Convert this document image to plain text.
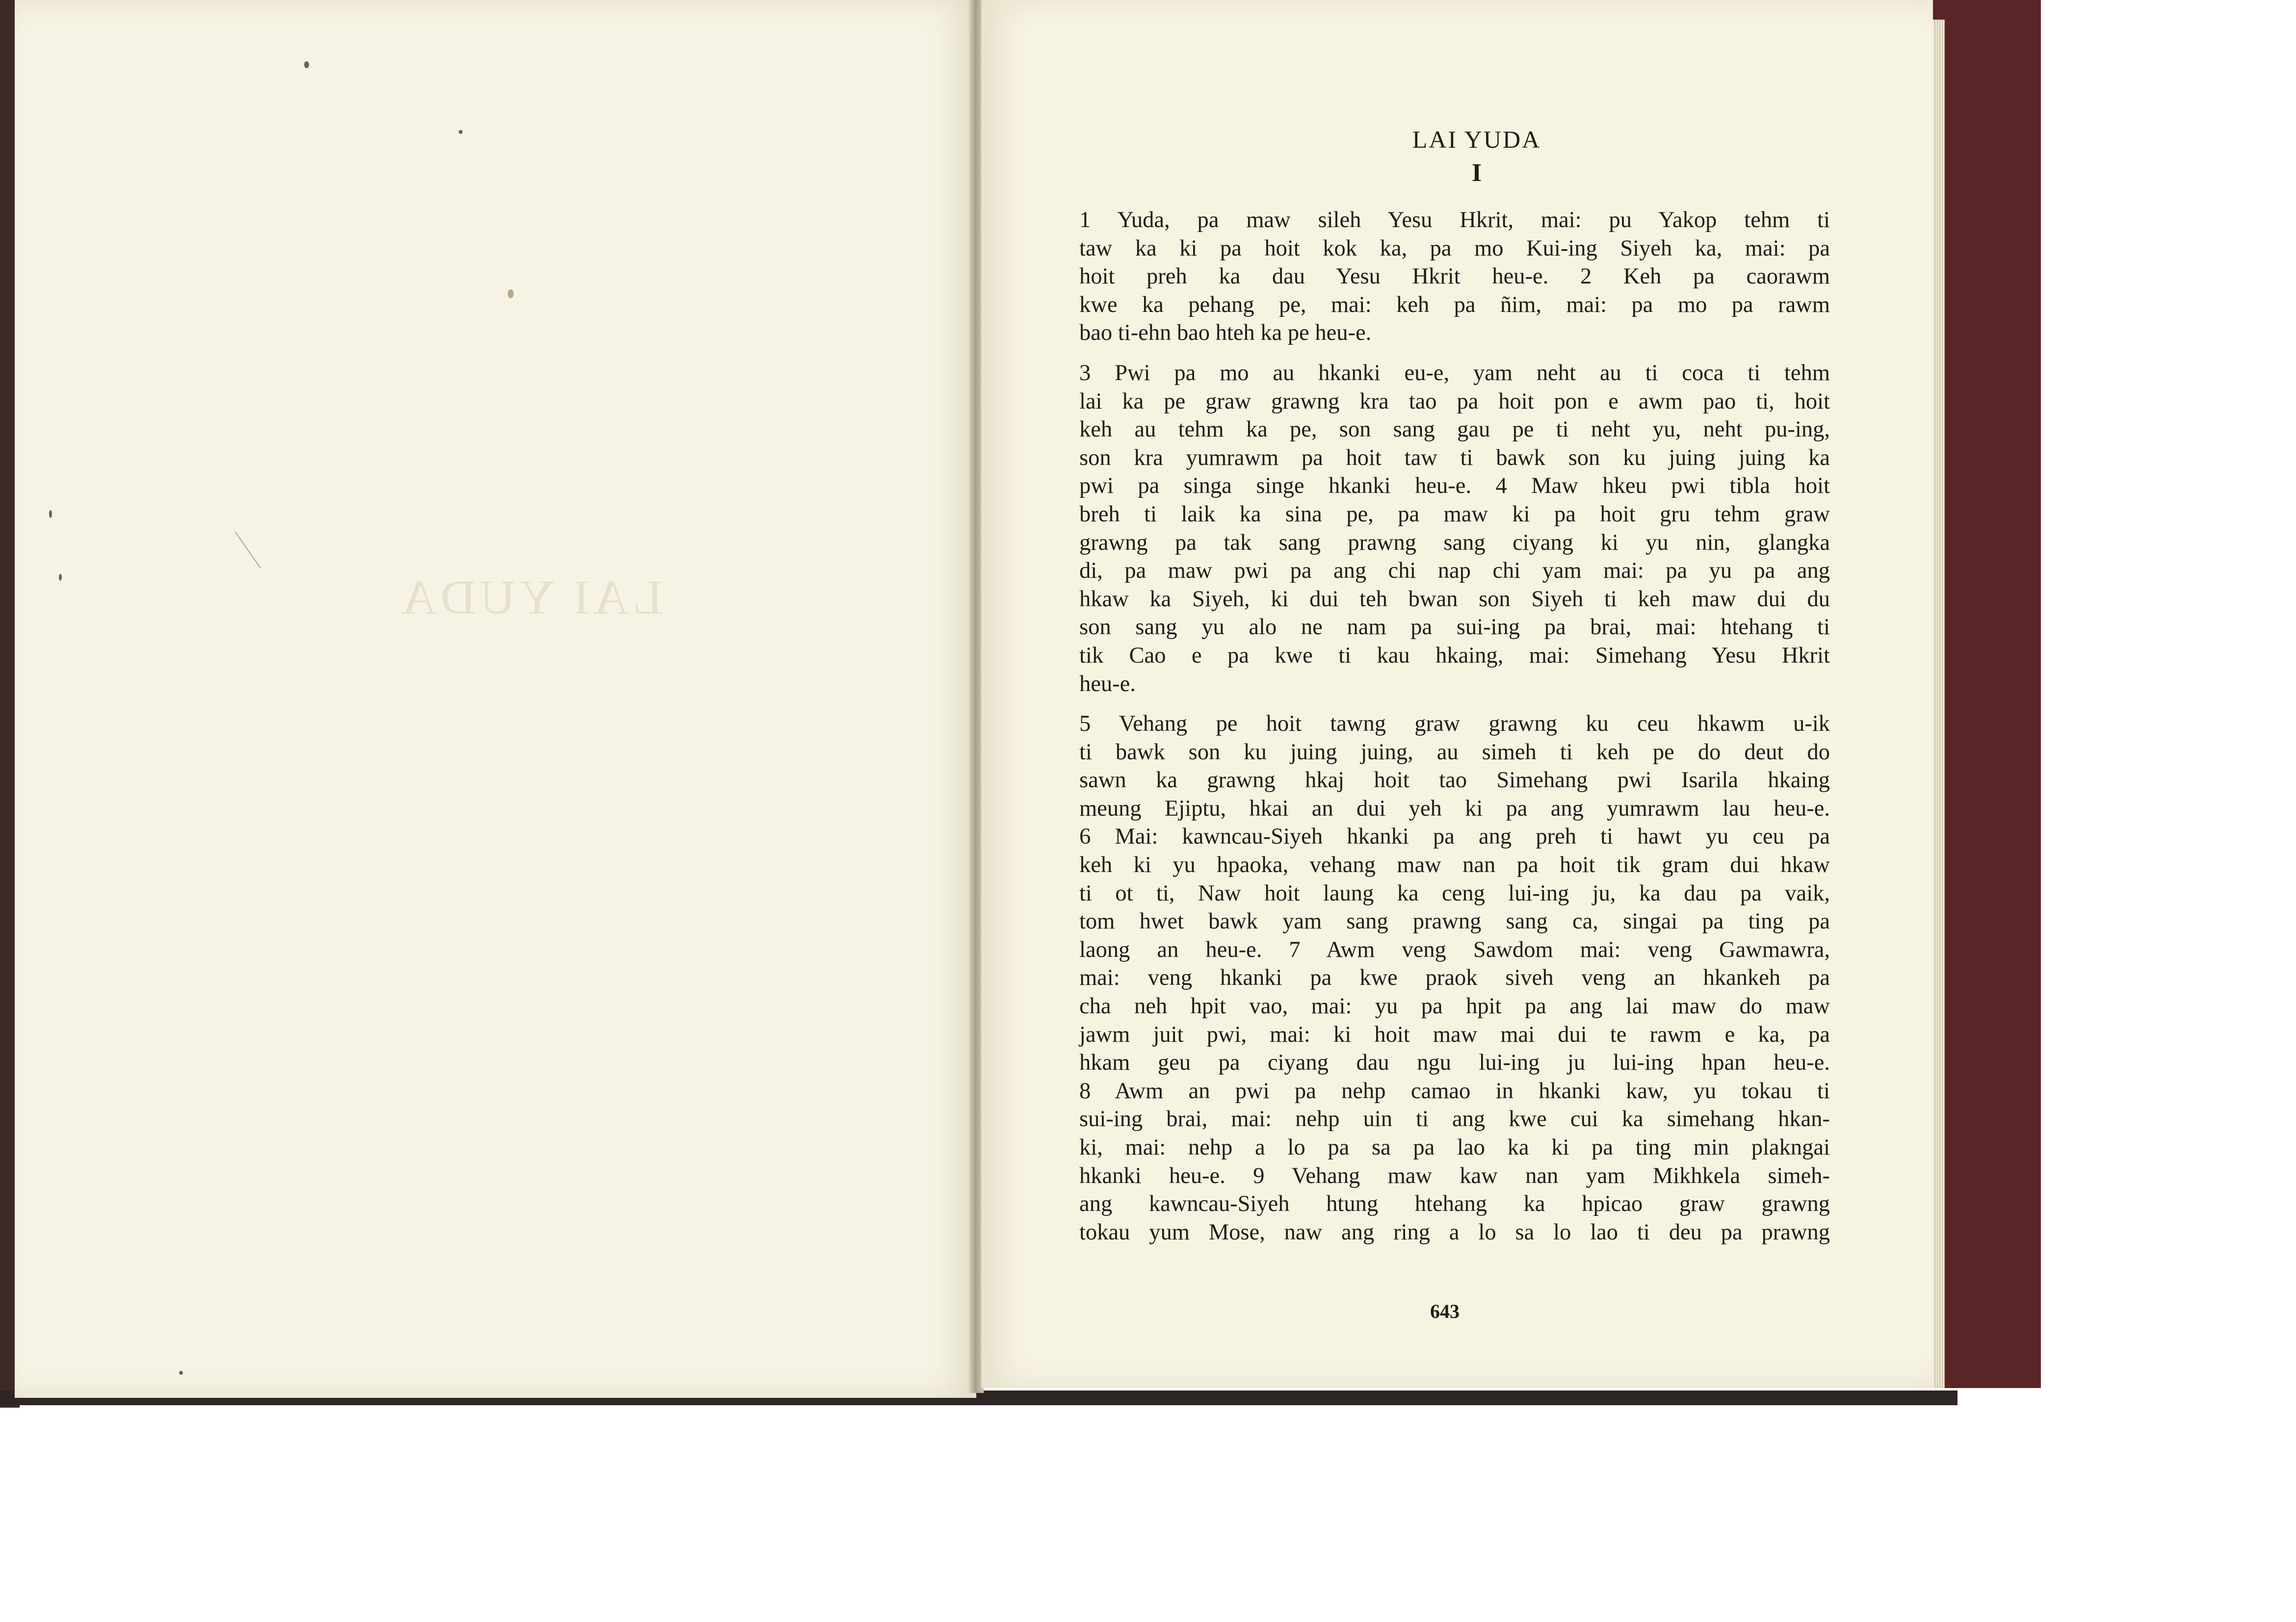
LAI YUDA
LAI YUDA
I
1 Yuda, pa maw sileh Yesu Hkrit, mai: pu Yakop tehm ti
taw ka ki pa hoit kok ka, pa mo Kui-ing Siyeh ka, mai: pa
hoit preh ka dau Yesu Hkrit heu-e. 2 Keh pa caorawm
kwe ka pehang pe, mai: keh pa ñim, mai: pa mo pa rawm
bao ti-ehn bao hteh ka pe heu-e.
3 Pwi pa mo au hkanki eu-e, yam neht au ti coca ti tehm
lai ka pe graw grawng kra tao pa hoit pon e awm pao ti, hoit
keh au tehm ka pe, son sang gau pe ti neht yu, neht pu-ing,
son kra yumrawm pa hoit taw ti bawk son ku juing juing ka
pwi pa singa singe hkanki heu-e. 4 Maw hkeu pwi tibla hoit
breh ti laik ka sina pe, pa maw ki pa hoit gru tehm graw
grawng pa tak sang prawng sang ciyang ki yu nin, glangka
di, pa maw pwi pa ang chi nap chi yam mai: pa yu pa ang
hkaw ka Siyeh, ki dui teh bwan son Siyeh ti keh maw dui du
son sang yu alo ne nam pa sui-ing pa brai, mai: htehang ti
tik Cao e pa kwe ti kau hkaing, mai: Simehang Yesu Hkrit
heu-e.
5 Vehang pe hoit tawng graw grawng ku ceu hkawm u-ik
ti bawk son ku juing juing, au simeh ti keh pe do deut do
sawn ka grawng hkaj hoit tao Simehang pwi Isarila hkaing
meung Ejiptu, hkai an dui yeh ki pa ang yumrawm lau heu-e.
6 Mai: kawncau-Siyeh hkanki pa ang preh ti hawt yu ceu pa
keh ki yu hpaoka, vehang maw nan pa hoit tik gram dui hkaw
ti ot ti, Naw hoit laung ka ceng lui-ing ju, ka dau pa vaik,
tom hwet bawk yam sang prawng sang ca, singai pa ting pa
laong an heu-e. 7 Awm veng Sawdom mai: veng Gawmawra,
mai: veng hkanki pa kwe praok siveh veng an hkankeh pa
cha neh hpit vao, mai: yu pa hpit pa ang lai maw do maw
jawm juit pwi, mai: ki hoit maw mai dui te rawm e ka, pa
hkam geu pa ciyang dau ngu lui-ing ju lui-ing hpan heu-e.
8 Awm an pwi pa nehp camao in hkanki kaw, yu tokau ti
sui-ing brai, mai: nehp uin ti ang kwe cui ka simehang hkan-
ki, mai: nehp a lo pa sa pa lao ka ki pa ting min plakngai
hkanki heu-e. 9 Vehang maw kaw nan yam Mikhkela simeh-
ang kawncau-Siyeh htung htehang ka hpicao graw grawng
tokau yum Mose, naw ang ring a lo sa lo lao ti deu pa prawng
643
